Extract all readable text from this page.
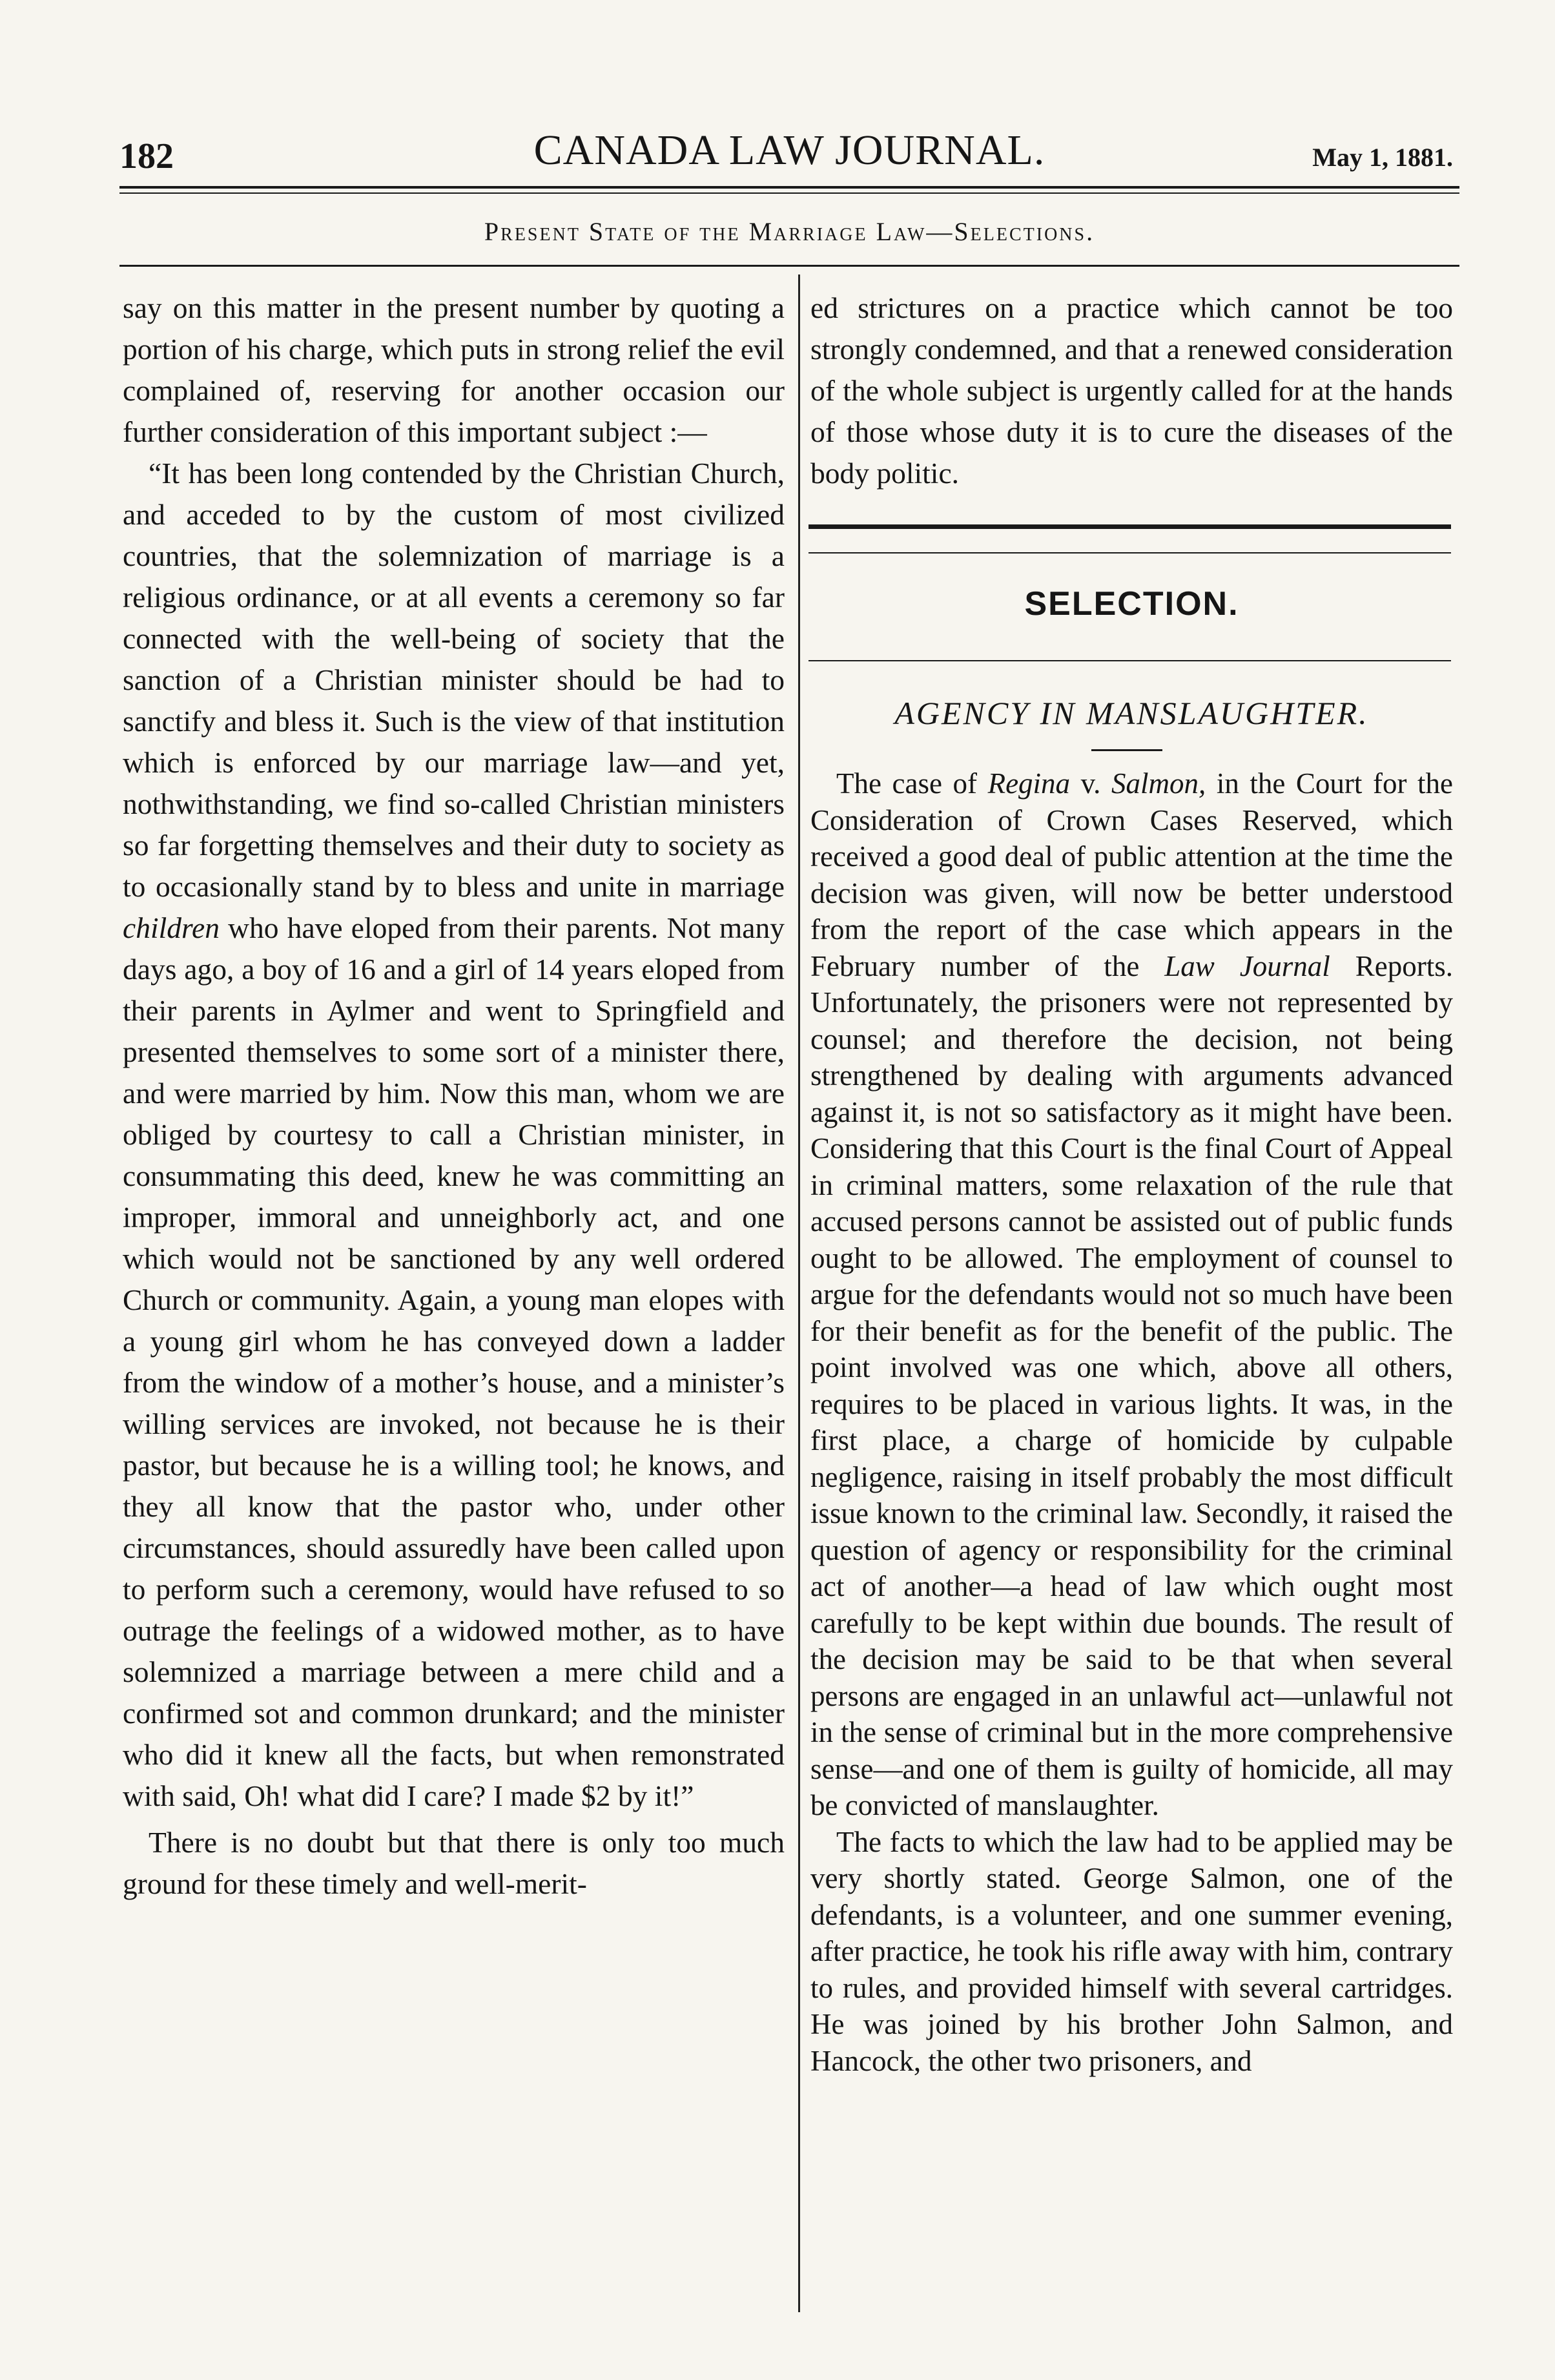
182	CANADA LAW JOURNAL.	May 1, 1881.
Present State of the Marriage Law—Selections.

say on this matter in the present number by quoting a portion of his charge, which puts in strong relief the evil complained of, reserving for another occasion our further consideration of this important subject :—

“It has been long contended by the Christian Church, and acceded to by the custom of most civilized countries, that the solemnization of marriage is a religious ordinance, or at all events a ceremony so far connected with the well-being of society that the sanction of a Christian minister should be had to sanctify and bless it. Such is the view of that institution which is enforced by our marriage law—and yet, nothwithstanding, we find so-called Christian ministers so far forgetting themselves and their duty to society as to occasionally stand by to bless and unite in marriage children who have eloped from their parents. Not many days ago, a boy of 16 and a girl of 14 years eloped from their parents in Aylmer and went to Springfield and presented themselves to some sort of a minister there, and were married by him. Now this man, whom we are obliged by courtesy to call a Christian minister, in consummating this deed, knew he was committing an improper, immoral and unneighborly act, and one which would not be sanctioned by any well ordered Church or community. Again, a young man elopes with a young girl whom he has conveyed down a ladder from the window of a mother’s house, and a minister’s willing services are invoked, not because he is their pastor, but because he is a willing tool; he knows, and they all know that the pastor who, under other circumstances, should assuredly have been called upon to perform such a ceremony, would have refused to so outrage the feelings of a widowed mother, as to have solemnized a marriage between a mere child and a confirmed sot and common drunkard; and the minister who did it knew all the facts, but when remonstrated with said, Oh! what did I care? I made $2 by it!”

There is no doubt but that there is only too much ground for these timely and well-merit-

ed strictures on a practice which cannot be too strongly condemned, and that a renewed consideration of the whole subject is urgently called for at the hands of those whose duty it is to cure the diseases of the body politic.

SELECTION.
AGENCY IN MANSLAUGHTER.

The case of Regina v. Salmon, in the Court for the Consideration of Crown Cases Reserved, which received a good deal of public attention at the time the decision was given, will now be better understood from the report of the case which appears in the February number of the Law Journal Reports. Unfortunately, the prisoners were not represented by counsel; and therefore the decision, not being strengthened by dealing with arguments advanced against it, is not so satisfactory as it might have been. Considering that this Court is the final Court of Appeal in criminal matters, some relaxation of the rule that accused persons cannot be assisted out of public funds ought to be allowed. The employment of counsel to argue for the defendants would not so much have been for their benefit as for the benefit of the public. The point involved was one which, above all others, requires to be placed in various lights. It was, in the first place, a charge of homicide by culpable negligence, raising in itself probably the most difficult issue known to the criminal law. Secondly, it raised the question of agency or responsibility for the criminal act of another—a head of law which ought most carefully to be kept within due bounds. The result of the decision may be said to be that when several persons are engaged in an unlawful act—unlawful not in the sense of criminal but in the more comprehensive sense—and one of them is guilty of homicide, all may be convicted of manslaughter.

The facts to which the law had to be applied may be very shortly stated. George Salmon, one of the defendants, is a volunteer, and one summer evening, after practice, he took his rifle away with him, contrary to rules, and provided himself with several cartridges. He was joined by his brother John Salmon, and Hancock, the other two prisoners, and
